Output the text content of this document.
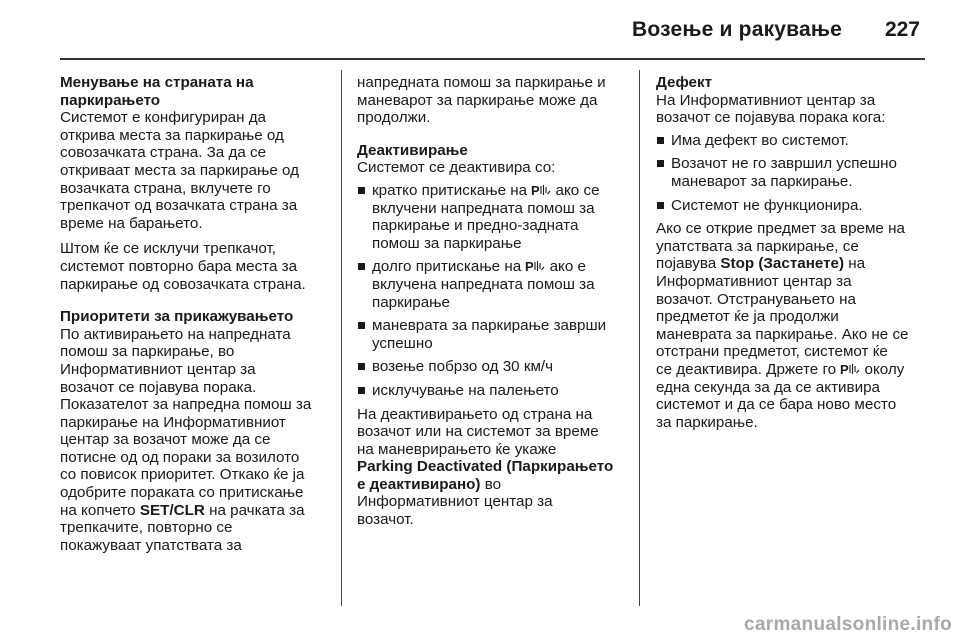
Возење и ракување 227

Менување на страната на
паркирањето

Системот е конфигуриран да
открива места за паркирање од
совозачката страна. За да се
откриваат места за паркирање од
возачката страна, вклучете го
трепкачот од возачката страна за
време на барањето.

Штом ќе се исклучи трепкачот,
системот повторно бара места за
паркирање од совозачката страна.

Приоритети за прикажувањето

По активирањето на напредната
помош за паркирање, во
Информативниот центар за
возачот се појавува порака.
Показателот за напредна помош за
паркирање на Информативниот
центар за возачот може да се
потисне од од пораки за возилото
со повисок приоритет. Откако ќе ја
одобрите пораката со притискање
на копчето SET/CLR на рачката за
трепкачите, повторно се
покажуваат упатствата за

напредната помош за паркирање и
маневарот за паркирање може да
продолжи.

Деактивирање

Системот се деактивира со:

кратко притискање на P ако се
вклучени напредната помош за
паркирање и предно-задната
помош за паркирање
долго притискање на P ако е
вклучена напредната помош за
паркирање
маневрата за паркирање заврши
успешно
возење побрзо од 30 км/ч
исклучување на палењето

На деактивирањето од страна на
возачот или на системот за време
на маневрирањето ќе укаже
Parking Deactivated (Паркирањето
е деактивирано) во
Информативниот центар за
возачот.

Дефект

На Информативниот центар за
возачот се појавува порака кога:

Има дефект во системот.
Возачот не го завршил успешно
маневарот за паркирање.
Системот не функционира.

Ако се открие предмет за време на
упатствата за паркирање, се
појавува Stop (Застанете) на
Информативниот центар за
возачот. Отстранувањето на
предметот ќе ја продолжи
маневрата за паркирање. Ако не се
отстрани предметот, системот ќе
се деактивира. Држете го P околу
една секунда за да се активира
системот и да се бара ново место
за паркирање.

carmanualsonline.info
